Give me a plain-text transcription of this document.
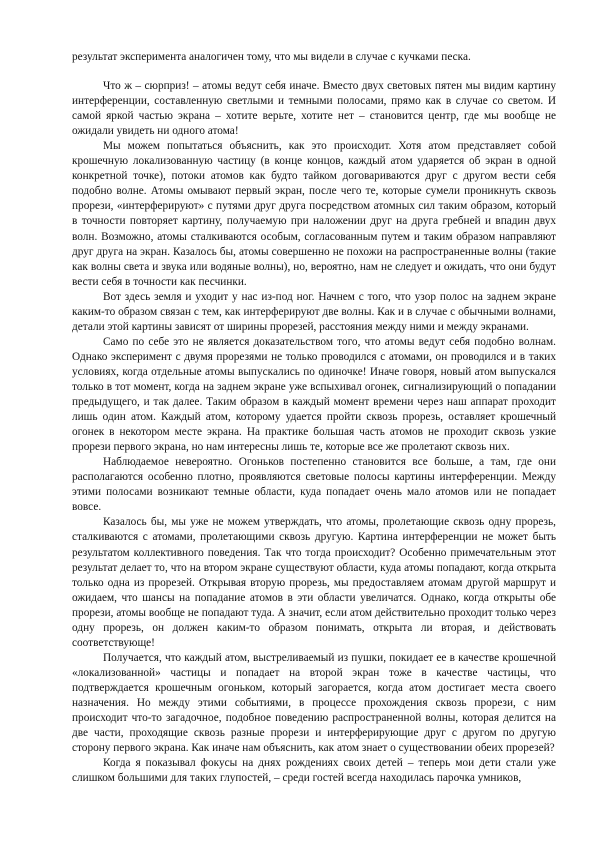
результат эксперимента аналогичен тому, что мы видели в случае с кучками песка.

Что ж – сюрприз! – атомы ведут себя иначе. Вместо двух световых пятен мы видим картину интерференции, составленную светлыми и темными полосами, прямо как в случае со светом. И самой яркой частью экрана – хотите верьте, хотите нет – становится центр, где мы вообще не ожидали увидеть ни одного атома!

Мы можем попытаться объяснить, как это происходит. Хотя атом представляет собой крошечную локализованную частицу (в конце концов, каждый атом ударяется об экран в одной конкретной точке), потоки атомов как будто тайком договариваются друг с другом вести себя подобно волне. Атомы омывают первый экран, после чего те, которые сумели проникнуть сквозь прорези, «интерферируют» с путями друг друга посредством атомных сил таким образом, который в точности повторяет картину, получаемую при наложении друг на друга гребней и впадин двух волн. Возможно, атомы сталкиваются особым, согласованным путем и таким образом направляют друг друга на экран. Казалось бы, атомы совершенно не похожи на распространенные волны (такие как волны света и звука или водяные волны), но, вероятно, нам не следует и ожидать, что они будут вести себя в точности как песчинки.

Вот здесь земля и уходит у нас из-под ног. Начнем с того, что узор полос на заднем экране каким-то образом связан с тем, как интерферируют две волны. Как и в случае с обычными волнами, детали этой картины зависят от ширины прорезей, расстояния между ними и между экранами.

Само по себе это не является доказательством того, что атомы ведут себя подобно волнам. Однако эксперимент с двумя прорезями не только проводился с атомами, он проводился и в таких условиях, когда отдельные атомы выпускались по одиночке! Иначе говоря, новый атом выпускался только в тот момент, когда на заднем экране уже вспыхивал огонек, сигнализирующий о попадании предыдущего, и так далее. Таким образом в каждый момент времени через наш аппарат проходит лишь один атом. Каждый атом, которому удается пройти сквозь прорезь, оставляет крошечный огонек в некотором месте экрана. На практике большая часть атомов не проходит сквозь узкие прорези первого экрана, но нам интересны лишь те, которые все же пролетают сквозь них.

Наблюдаемое невероятно. Огоньков постепенно становится все больше, а там, где они располагаются особенно плотно, проявляются световые полосы картины интерференции. Между этими полосами возникают темные области, куда попадает очень мало атомов или не попадает вовсе.

Казалось бы, мы уже не можем утверждать, что атомы, пролетающие сквозь одну прорезь, сталкиваются с атомами, пролетающими сквозь другую. Картина интерференции не может быть результатом коллективного поведения. Так что тогда происходит? Особенно примечательным этот результат делает то, что на втором экране существуют области, куда атомы попадают, когда открыта только одна из прорезей. Открывая вторую прорезь, мы предоставляем атомам другой маршрут и ожидаем, что шансы на попадание атомов в эти области увеличатся. Однако, когда открыты обе прорези, атомы вообще не попадают туда. А значит, если атом действительно проходит только через одну прорезь, он должен каким-то образом понимать, открыта ли вторая, и действовать соответствующе!

Получается, что каждый атом, выстреливаемый из пушки, покидает ее в качестве крошечной «локализованной» частицы и попадает на второй экран тоже в качестве частицы, что подтверждается крошечным огоньком, который загорается, когда атом достигает места своего назначения. Но между этими событиями, в процессе прохождения сквозь прорези, с ним происходит что-то загадочное, подобное поведению распространенной волны, которая делится на две части, проходящие сквозь разные прорези и интерферирующие друг с другом по другую сторону первого экрана. Как иначе нам объяснить, как атом знает о существовании обеих прорезей?

Когда я показывал фокусы на днях рождениях своих детей – теперь мои дети стали уже слишком большими для таких глупостей, – среди гостей всегда находилась парочка умников,
